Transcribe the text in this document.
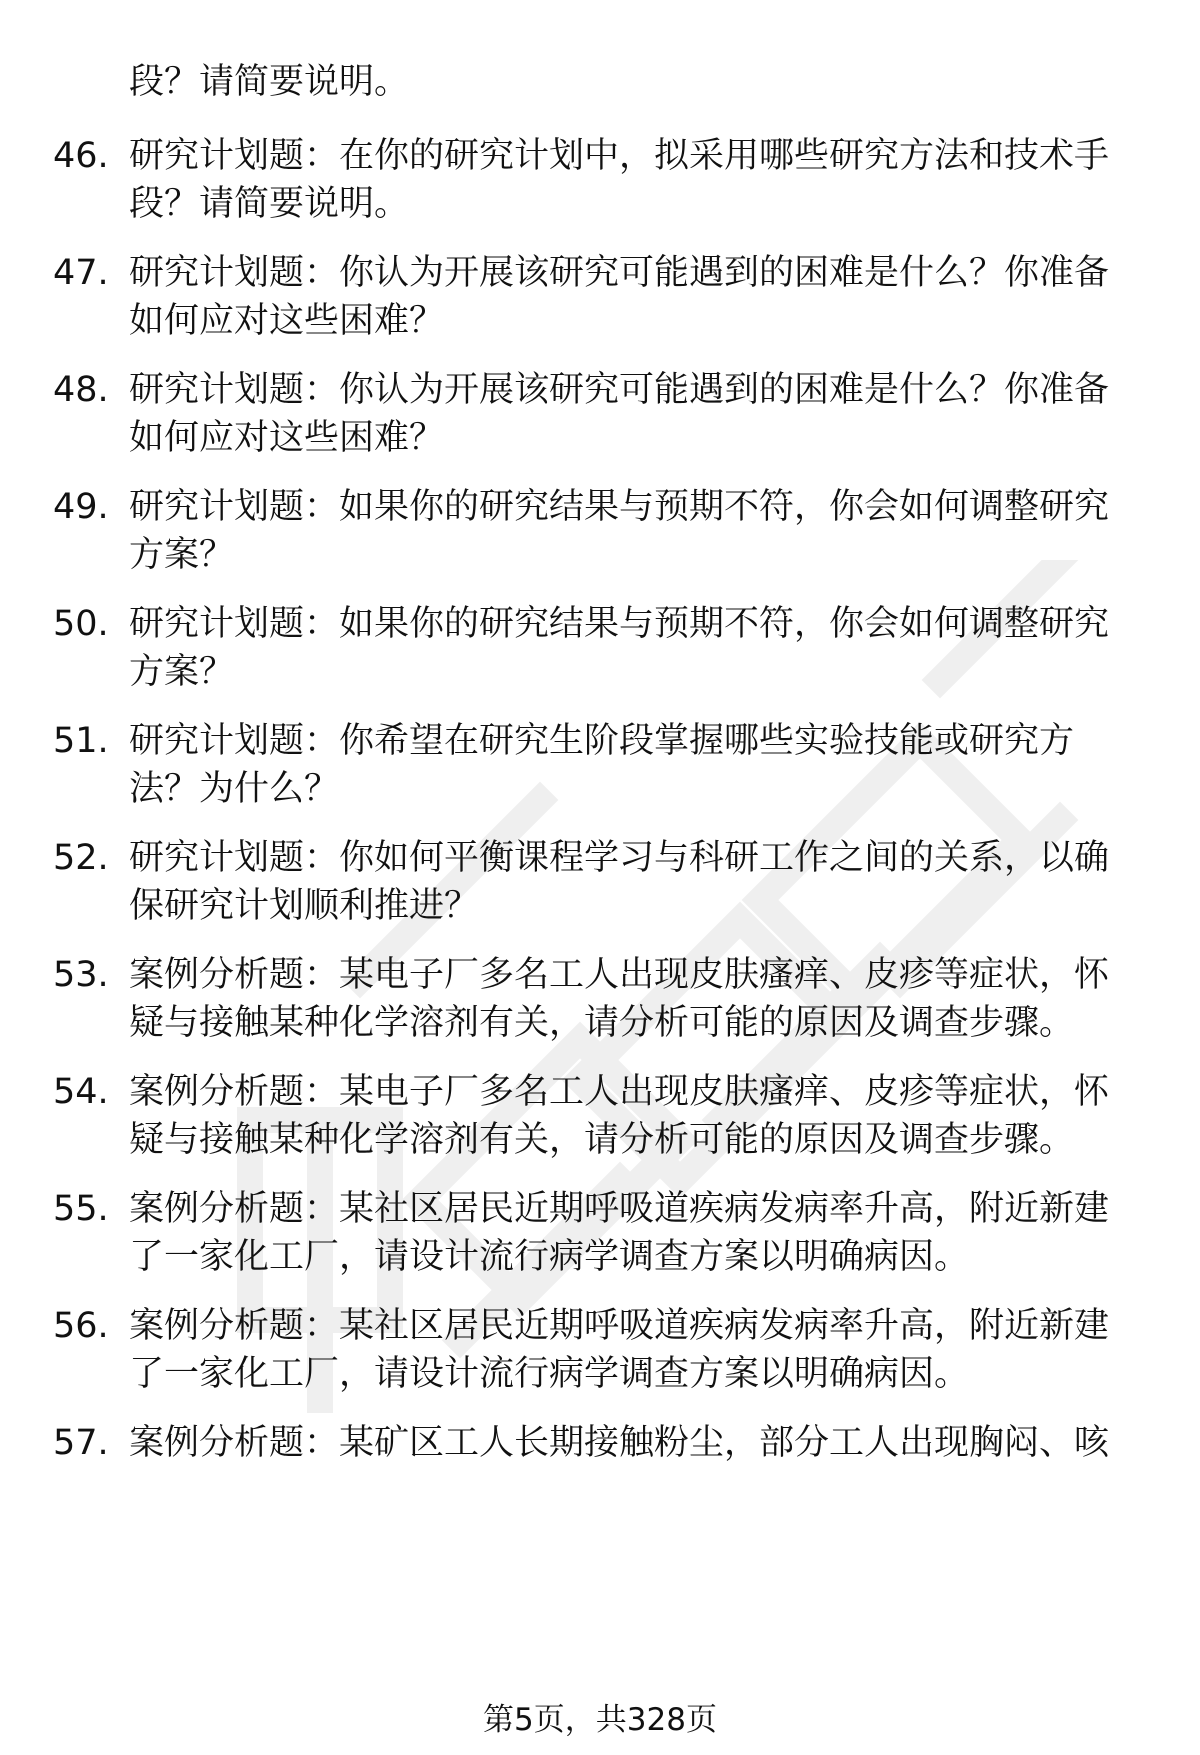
段？请简要说明。
46. 研究计划题：在你的研究计划中，拟采用哪些研究方法和技术手
段？请简要说明。
47. 研究计划题：你认为开展该研究可能遇到的困难是什么？你准备
如何应对这些困难？
48. 研究计划题：你认为开展该研究可能遇到的困难是什么？你准备
如何应对这些困难？
49. 研究计划题：如果你的研究结果与预期不符，你会如何调整研究
方案？
50. 研究计划题：如果你的研究结果与预期不符，你会如何调整研究
方案？
51. 研究计划题：你希望在研究生阶段掌握哪些实验技能或研究方
法？为什么？
52. 研究计划题：你如何平衡课程学习与科研工作之间的关系，以确
保研究计划顺利推进？
53. 案例分析题：某电子厂多名工人出现皮肤瘙痒、皮疹等症状，怀
疑与接触某种化学溶剂有关，请分析可能的原因及调查步骤。
54. 案例分析题：某电子厂多名工人出现皮肤瘙痒、皮疹等症状，怀
疑与接触某种化学溶剂有关，请分析可能的原因及调查步骤。
55. 案例分析题：某社区居民近期呼吸道疾病发病率升高，附近新建
了一家化工厂，请设计流行病学调查方案以明确病因。
56. 案例分析题：某社区居民近期呼吸道疾病发病率升高，附近新建
了一家化工厂，请设计流行病学调查方案以明确病因。
57. 案例分析题：某矿区工人长期接触粉尘，部分工人出现胸闷、咳
第5页，共328页
